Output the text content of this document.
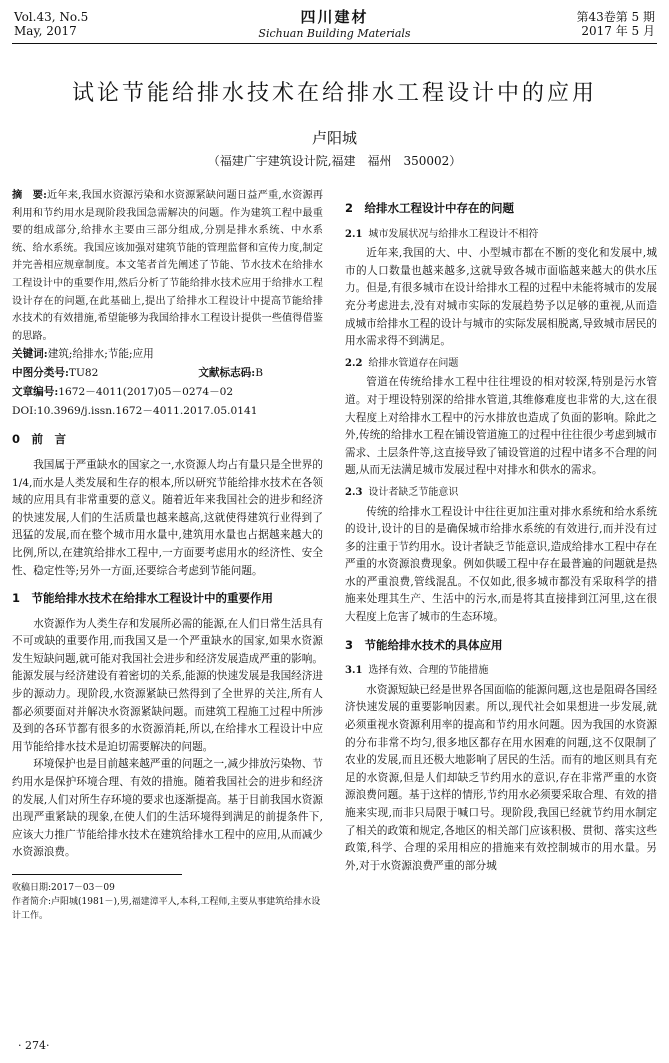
Vol.43, No.5
May, 2017
四川建材
Sichuan Building Materials
第43卷第 5 期
2017 年 5 月
试论节能给排水技术在给排水工程设计中的应用
卢阳城
（福建广宇建筑设计院,福建　福州　350002）
摘　要:近年来,我国水资源污染和水资源紧缺问题日益严重,水资源再利用和节约用水是现阶段我国急需解决的问题。作为建筑工程中最重要的组成部分,给排水主要由三部分组成,分别是排水系统、中水系统、给水系统。我国应该加强对建筑节能的管理监督和宣传力度,制定并完善相应规章制度。本文笔者首先阐述了节能、节水技术在给排水工程设计中的重要作用,然后分析了节能给排水技术应用于给排水工程设计存在的问题,在此基础上,提出了给排水工程设计中提高节能给排水技术的有效措施,希望能够为我国给排水工程设计提供一些值得借鉴的思路。
关键词:建筑;给排水;节能;应用
中图分类号:TU82	文献标志码:B
文章编号:1672－4011(2017)05－0274－02
DOI:10.3969/j.issn.1672－4011.2017.05.0141
0　前　言
我国属于严重缺水的国家之一,水资源人均占有量只是全世界的1/4,而水是人类发展和生存的根本,所以研究节能给排水技术在各领域的应用具有非常重要的意义。随着近年来我国社会的进步和经济的快速发展,人们的生活质量也越来越高,这就使得建筑行业得到了迅猛的发展,而在整个城市用水量中,建筑用水量也占据越来越大的比例,所以,在建筑给排水工程中,一方面要考虑用水的经济性、安全性、稳定性等;另外一方面,还要综合考虑到节能问题。
1　节能给排水技术在给排水工程设计中的重要作用
水资源作为人类生存和发展所必需的能源,在人们日常生活具有不可或缺的重要作用,而我国又是一个严重缺水的国家,如果水资源发生短缺问题,就可能对我国社会进步和经济发展造成严重的影响。能源发展与经济建设有着密切的关系,能源的快速发展是我国经济进步的源动力。现阶段,水资源紧缺已然得到了全世界的关注,所有人都必须要面对并解决水资源紧缺问题。而建筑工程施工过程中所涉及到的各环节都有很多的水资源消耗,所以,在给排水工程设计中应用节能给排水技术是迫切需要解决的问题。
环境保护也是目前越来越严重的问题之一,减少排放污染物、节约用水是保护环境合理、有效的措施。随着我国社会的进步和经济的发展,人们对所生存环境的要求也逐渐提高。基于目前我国水资源出现严重紧缺的现象,在使人们的生活环境得到满足的前提条件下,应该大力推广节能给排水技术在建筑给排水工程中的应用,从而减少水资源浪费。
收稿日期:2017－03－09
作者简介:卢阳城(1981－),男,福建漳平人,本科,工程师,主要从事建筑给排水设计工作。
2　给排水工程设计中存在的问题
2.1 城市发展状况与给排水工程设计不相符
近年来,我国的大、中、小型城市都在不断的变化和发展中,城市的人口数量也越来越多,这就导致各城市面临越来越大的供水压力。但是,有很多城市在设计给排水工程的过程中未能将城市的发展充分考虑进去,没有对城市实际的发展趋势予以足够的重视,从而造成城市给排水工程的设计与城市的实际发展相脱离,导致城市居民的用水需求得不到满足。
2.2 给排水管道存在问题
管道在传统给排水工程中往往埋设的相对较深,特别是污水管道。对于埋设特别深的给排水管道,其维修难度也非常的大,这在很大程度上对给排水工程中的污水排放也造成了负面的影响。除此之外,传统的给排水工程在铺设管道施工的过程中往往很少考虑到城市需求、土层条件等,这直接导致了铺设管道的过程中诸多不合理的问题,从而无法满足城市发展过程中对排水和供水的需求。
2.3 设计者缺乏节能意识
传统的给排水工程设计中往往更加注重对排水系统和给水系统的设计,设计的目的是确保城市给排水系统的有效进行,而并没有过多的注重于节约用水。设计者缺乏节能意识,造成给排水工程中存在严重的水资源浪费现象。例如供暖工程中存在最普遍的问题就是热水的严重浪费,管线混乱。不仅如此,很多城市都没有采取科学的措施来处理其生产、生活中的污水,而是将其直接排到江河里,这在很大程度上危害了城市的生态环境。
3　节能给排水技术的具体应用
3.1 选择有效、合理的节能措施
水资源短缺已经是世界各国面临的能源问题,这也是阻碍各国经济快速发展的重要影响因素。所以,现代社会如果想进一步发展,就必须重视水资源利用率的提高和节约用水问题。因为我国的水资源的分布非常不均匀,很多地区都存在用水困难的问题,这不仅限制了农业的发展,而且还极大地影响了居民的生活。而有的地区则具有充足的水资源,但是人们却缺乏节约用水的意识,存在非常严重的水资源浪费问题。基于这样的情形,节约用水必须要采取合理、有效的措施来实现,而非只局限于喊口号。现阶段,我国已经就节约用水制定了相关的政策和规定,各地区的相关部门应该积极、贯彻、落实这些政策,科学、合理的采用相应的措施来有效控制城市的用水量。另外,对于水资源浪费严重的部分城
· 274·
